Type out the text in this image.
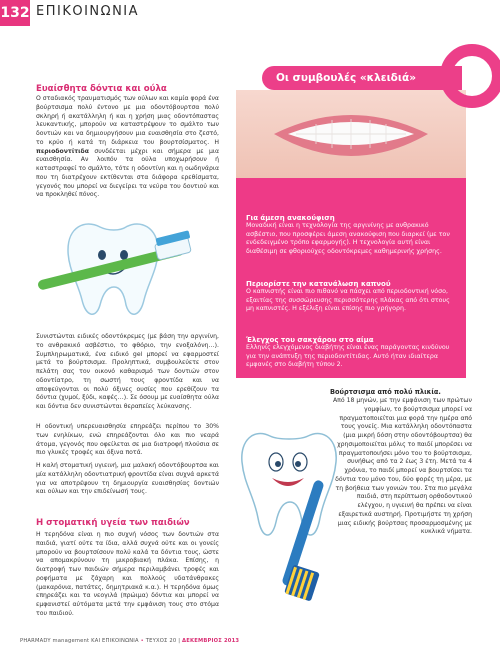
132 ΕΠΙΚΟΙΝΩΝΙΑ
Ευαίσθητα δόντια και ούλα
Ο σταδιακός τραυματισμός των ούλων και καμία φορά ένα βούρτσισμα πολύ έντονο με μια οδοντόβουρτσα πολύ σκληρή ή ακατάλληλη ή και η χρήση μιας οδοντόπαστας λευκαντικής, μπορούν να καταστρέψουν το σμάλτο των δοντιών και να δημιουργήσουν μια ευαισθησία στο ζεστό, το κρύο ή κατά τη διάρκεια του βουρτσίσματος. Η περιοδοντίτιδα συνδέεται μέχρι και σήμερα με μια ευαισθησία. Αν λοιπόν τα ούλα υποχωρήσουν ή καταστραφεί το σμάλτο, τότε η οδοντίνη και η οωδηνάρια που τη διατρέχουν εκτίθενται στα διάφορα ερεθίσματα, γεγονός που μπορεί να διεγείρει τα νεύρα του δοντιού και να προκληθεί πόνος.
Συνιστώνται ειδικές οδοντόκρεμες (με βάση την αργινίνη, το ανθρακικό ασβέστιο, το φθόριο, την ενοξαλόνη…). Συμπληρωματικά, ένα ειδικό gel μπορεί να εφαρμοστεί μετά το βούρτσισμα. Προληπτικά, συμβουλεύετε στον πελάτη σας τον οικονό καθαρισμό των δοντιών στον οδοντίατρο, τη σωστή τους φροντίδα και να αποφεύγονται οι πολύ όξινες ουσίες που ερεθίζουν τα δόντια (χυμοί, ξύδι, καφές…). Σε όσουμ με ευαίσθητα ούλα και δόντια δεν συνιστώνται θεραπείες λεύκανσης.
Η οδοντική υπερευαισθησία επηρεάζει περίπου το 30% των ενηλίκων, ενώ επηρεάζονται όλο και πιο νεαρά άτομα, γεγονός που οφείλεται σε μια διατροφή πλούσια σε πιο γλυκές τροφές και όξινα ποτά.
Η καλή στοματική υγιεινή, μια μαλακή οδοντόβουρτσα και μία κατάλληλη οδοντιατρική φροντίδα είναι συχνά αρκετά για να αποτρέψουν τη δημιουργία ευαισθησίας δοντιών και ούλων και την επιδείνωσή τους.
Η στοματική υγεία των παιδιών
Η τερηδόνα είναι η πιο συχνή νόσος των δοντιών στα παιδιά, γιατί ούτε τα ίδια, αλλά συχνά ούτε και οι γονείς μπορούν να βουρτσίσουν πολύ καλά τα δόντια τους, ώστε να απομακρύνουν τη μικροβιακή πλάκα. Επίσης, η διατροφή των παιδιών σήμερα περιλαμβάνει τροφές και ροφήματα με ζάχαρη και πολλούς υδατάνθρακες (μακαρόνια, πατάτες, δημητριακά κ.α.). Η τερηδόνα όμως επηρεάζει και τα νεογιλά (πρώιμα) δόντια και μπορεί να εμφανιστεί αύτόματα μετά την εμφάνιση τους στο στόμα του παιδιού.
Οι συμβουλές «κλειδιά»
Για άμεση ανακούφιση
Μοναδική είναι η τεχνολογία της αργινίνης με ανθρακικό ασβέστιο, που προσφέρει άμεση ανακούφιση που διαρκεί (με τον ενδεδειγμένο τρόπο εφαρμογής). Η τεχνολογία αυτή είναι διαθέσιμη σε φθοριούχες οδοντόκρεμες καθημερινής χρήσης.
Περιορίστε την κατανάλωση καπνού
Ο καπνιστής είναι πιο πιθανό να πάσχει από περιοδοντική νόσο, εξαιτίας της συσσώρευσης περισσότερης πλάκας από ότι στους μη καπνιστές. Η εξέλιξη είναι επίσης πιο γρήγορη.
Έλεγχος του σακχάρου στο αίμα
Ελληνίς ελεγχόμενος διαβήτης είναι ένας παράγοντας κινδύνου για την ανάπτυξη της περιοδοντίτιδας. Αυτό ήταν ιδιαίτερα εμφανές στο διαβήτη τύπου 2.
Βούρτσισμα από πολύ πλικία.
Από 18 μηνών, με την εμφάνιση των πρώτων γομφίων, το βούρτσισμα μπορεί να πραγματοποιείται μια φορά την ημέρα από τους γονείς. Μια κατάλληλη οδοντόπαστα (μια μικρή δόση στην οδοντόβουρτσα) θα χρησιμοποιείται μόλις το παιδί μπορέσει να πραγματοποιήσει μόνο του το βούρτσισμα, συνήθως από τα 2 έως 3 έτη. Μετά τα 4 χρόνια, το παιδί μπορεί να βουρτσίσει τα δόντια του μόνο του, δύο φορές τη μέρα, με τη βοήθεια των γονιών του. Στα πιο μεγάλα παιδιά, στη περίπτωση ορθοδοντικού ελέγχου, η υγιεινή θα πρέπει να είναι εξαιρετικά αυστηρή. Προτιμήστε τη χρήση μιας ειδικής βούρτσας προσαρμοσμένης με κυκλικά νήματα.
PHARMADY management ΚΑΙ ΕΠΙΚΟΙΝΩΝΙΑ • ΤΕΥΧΟΣ 20 | ΔΕΚΕΜΒΡΙΟΣ 2013
